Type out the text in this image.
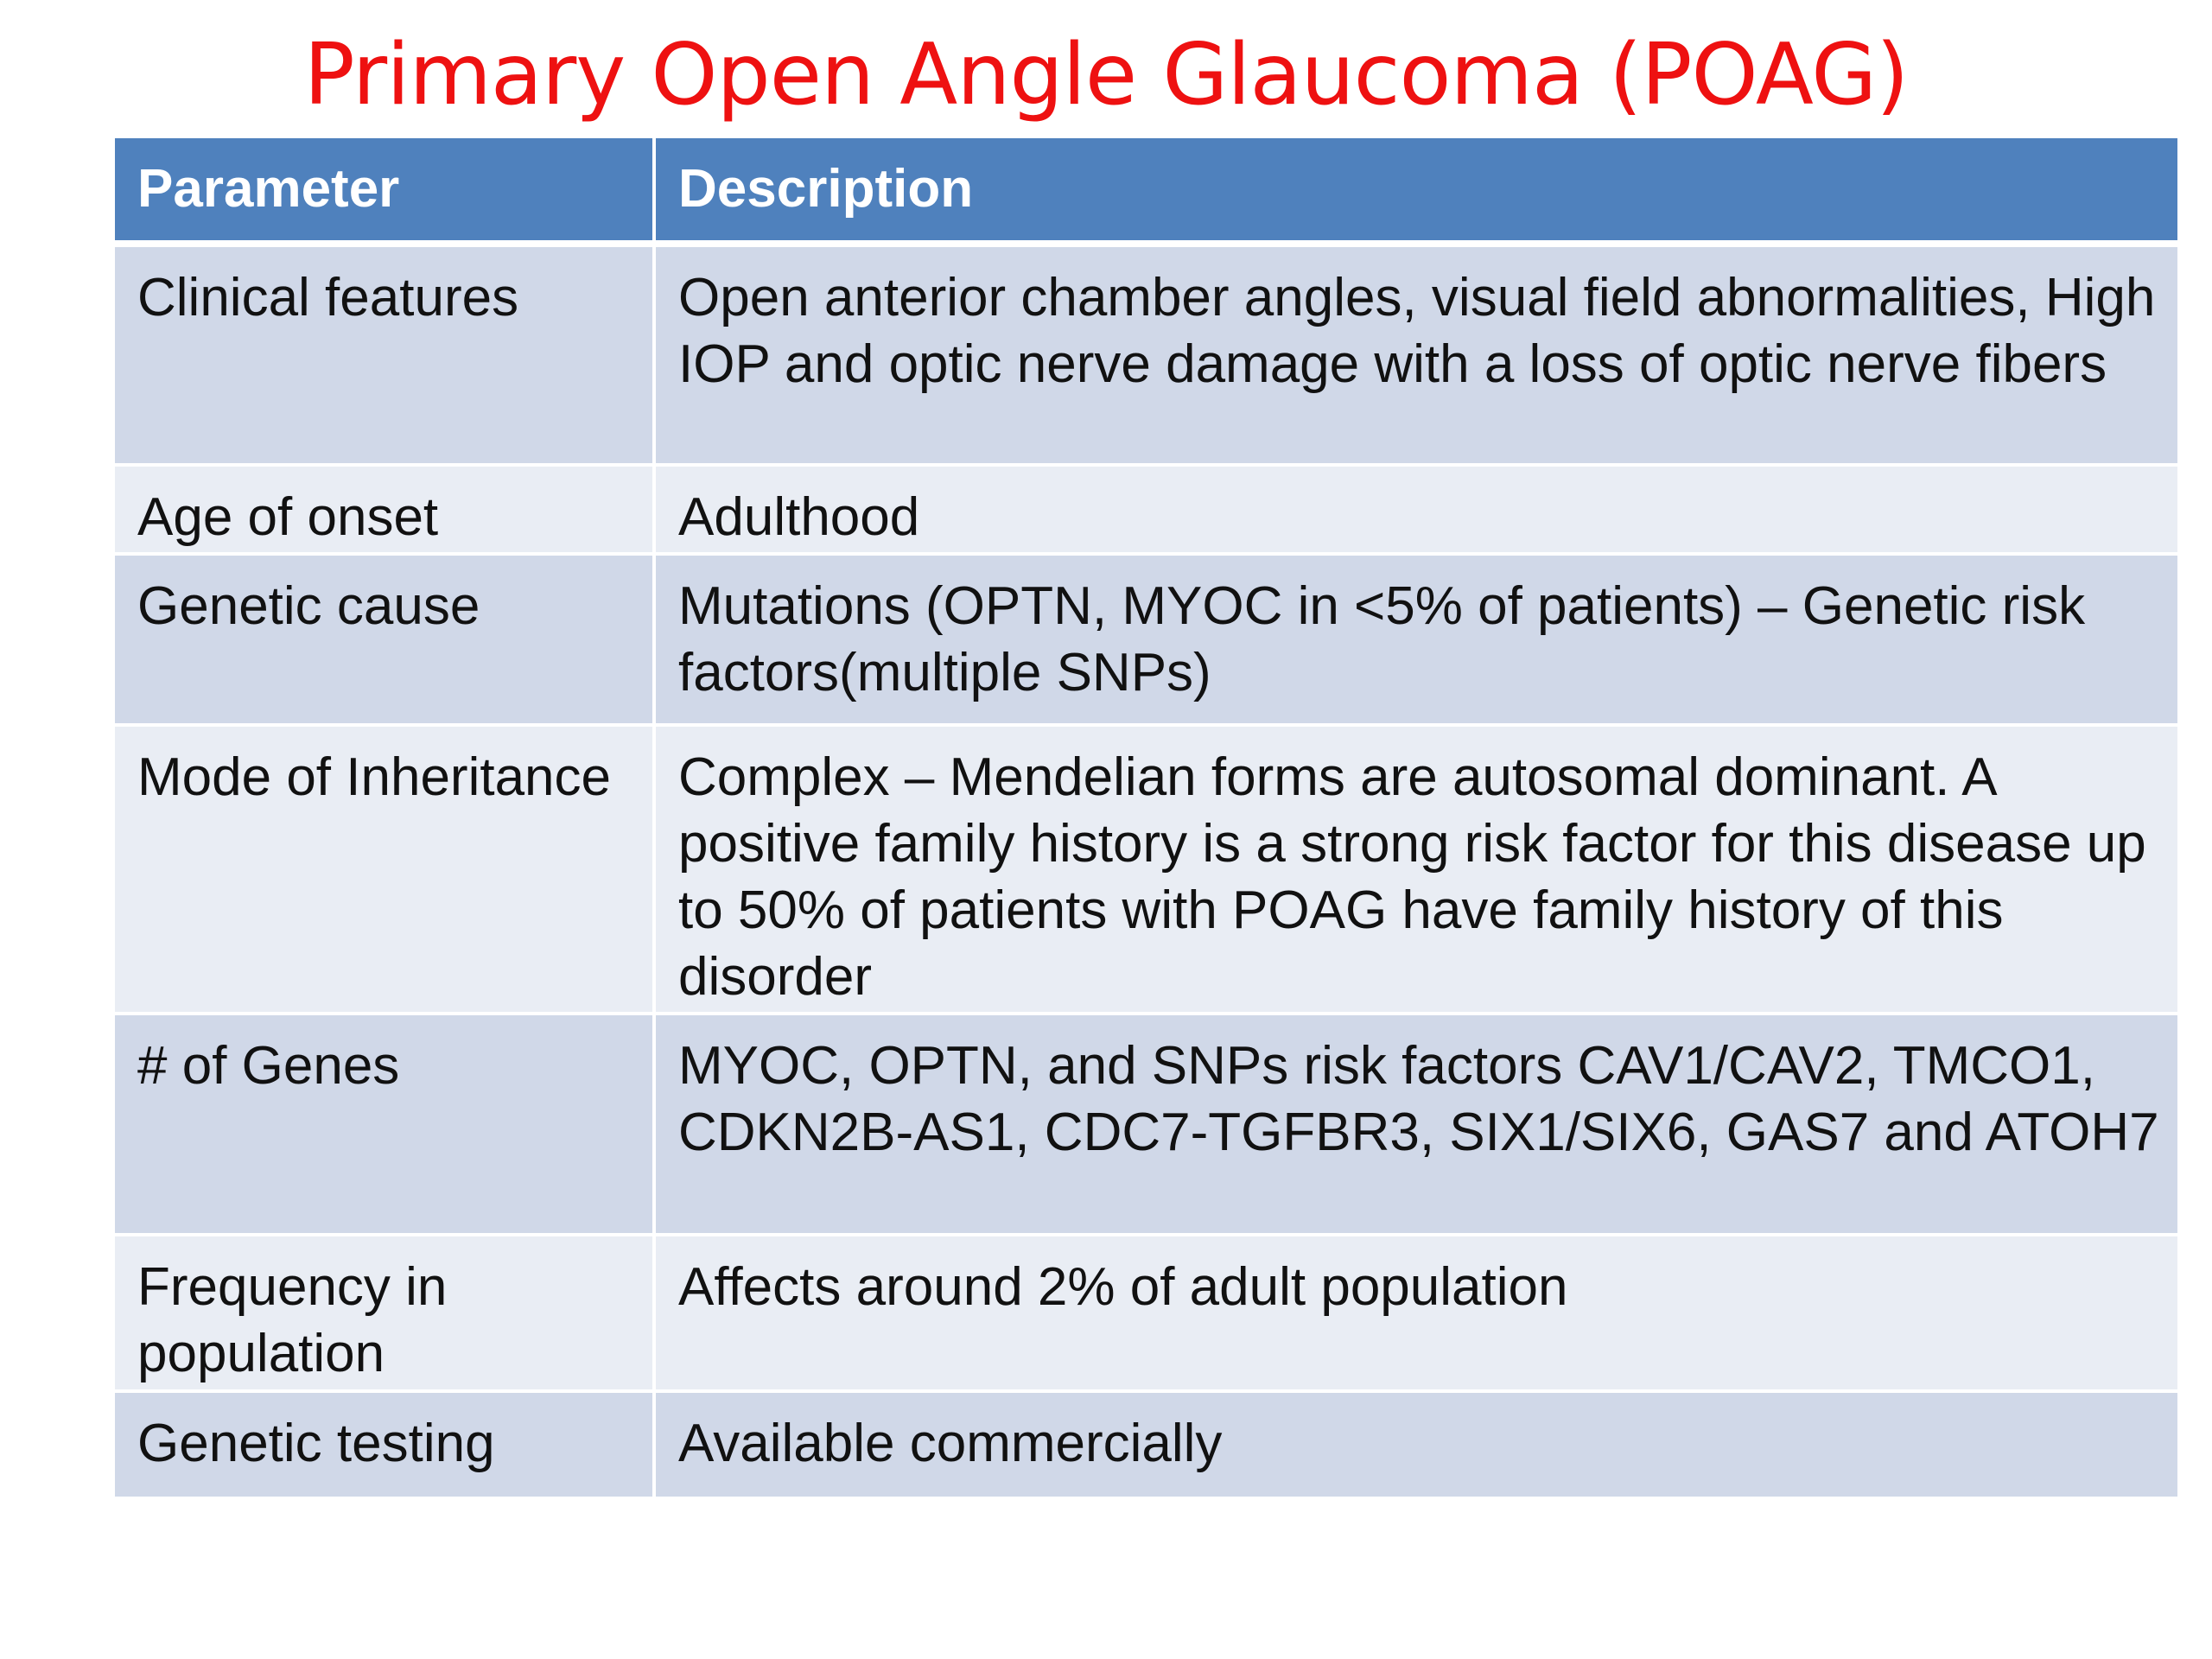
Primary Open Angle Glaucoma (POAG)
Parameter	Description
Clinical features	Open anterior chamber angles, visual field abnormalities, High IOP and optic nerve damage with a loss of optic nerve fibers
Age of onset	Adulthood
Genetic cause	Mutations (OPTN, MYOC in <5% of patients) – Genetic risk factors(multiple SNPs)
Mode of Inheritance	Complex – Mendelian forms are autosomal dominant. A positive family history is a strong risk factor for this disease up to 50% of patients with POAG have family history of this disorder
# of Genes	MYOC, OPTN, and SNPs risk factors CAV1/CAV2, TMCO1, CDKN2B-AS1, CDC7-TGFBR3, SIX1/SIX6, GAS7 and ATOH7
Frequency in population	Affects around 2% of adult population
Genetic testing	Available commercially
